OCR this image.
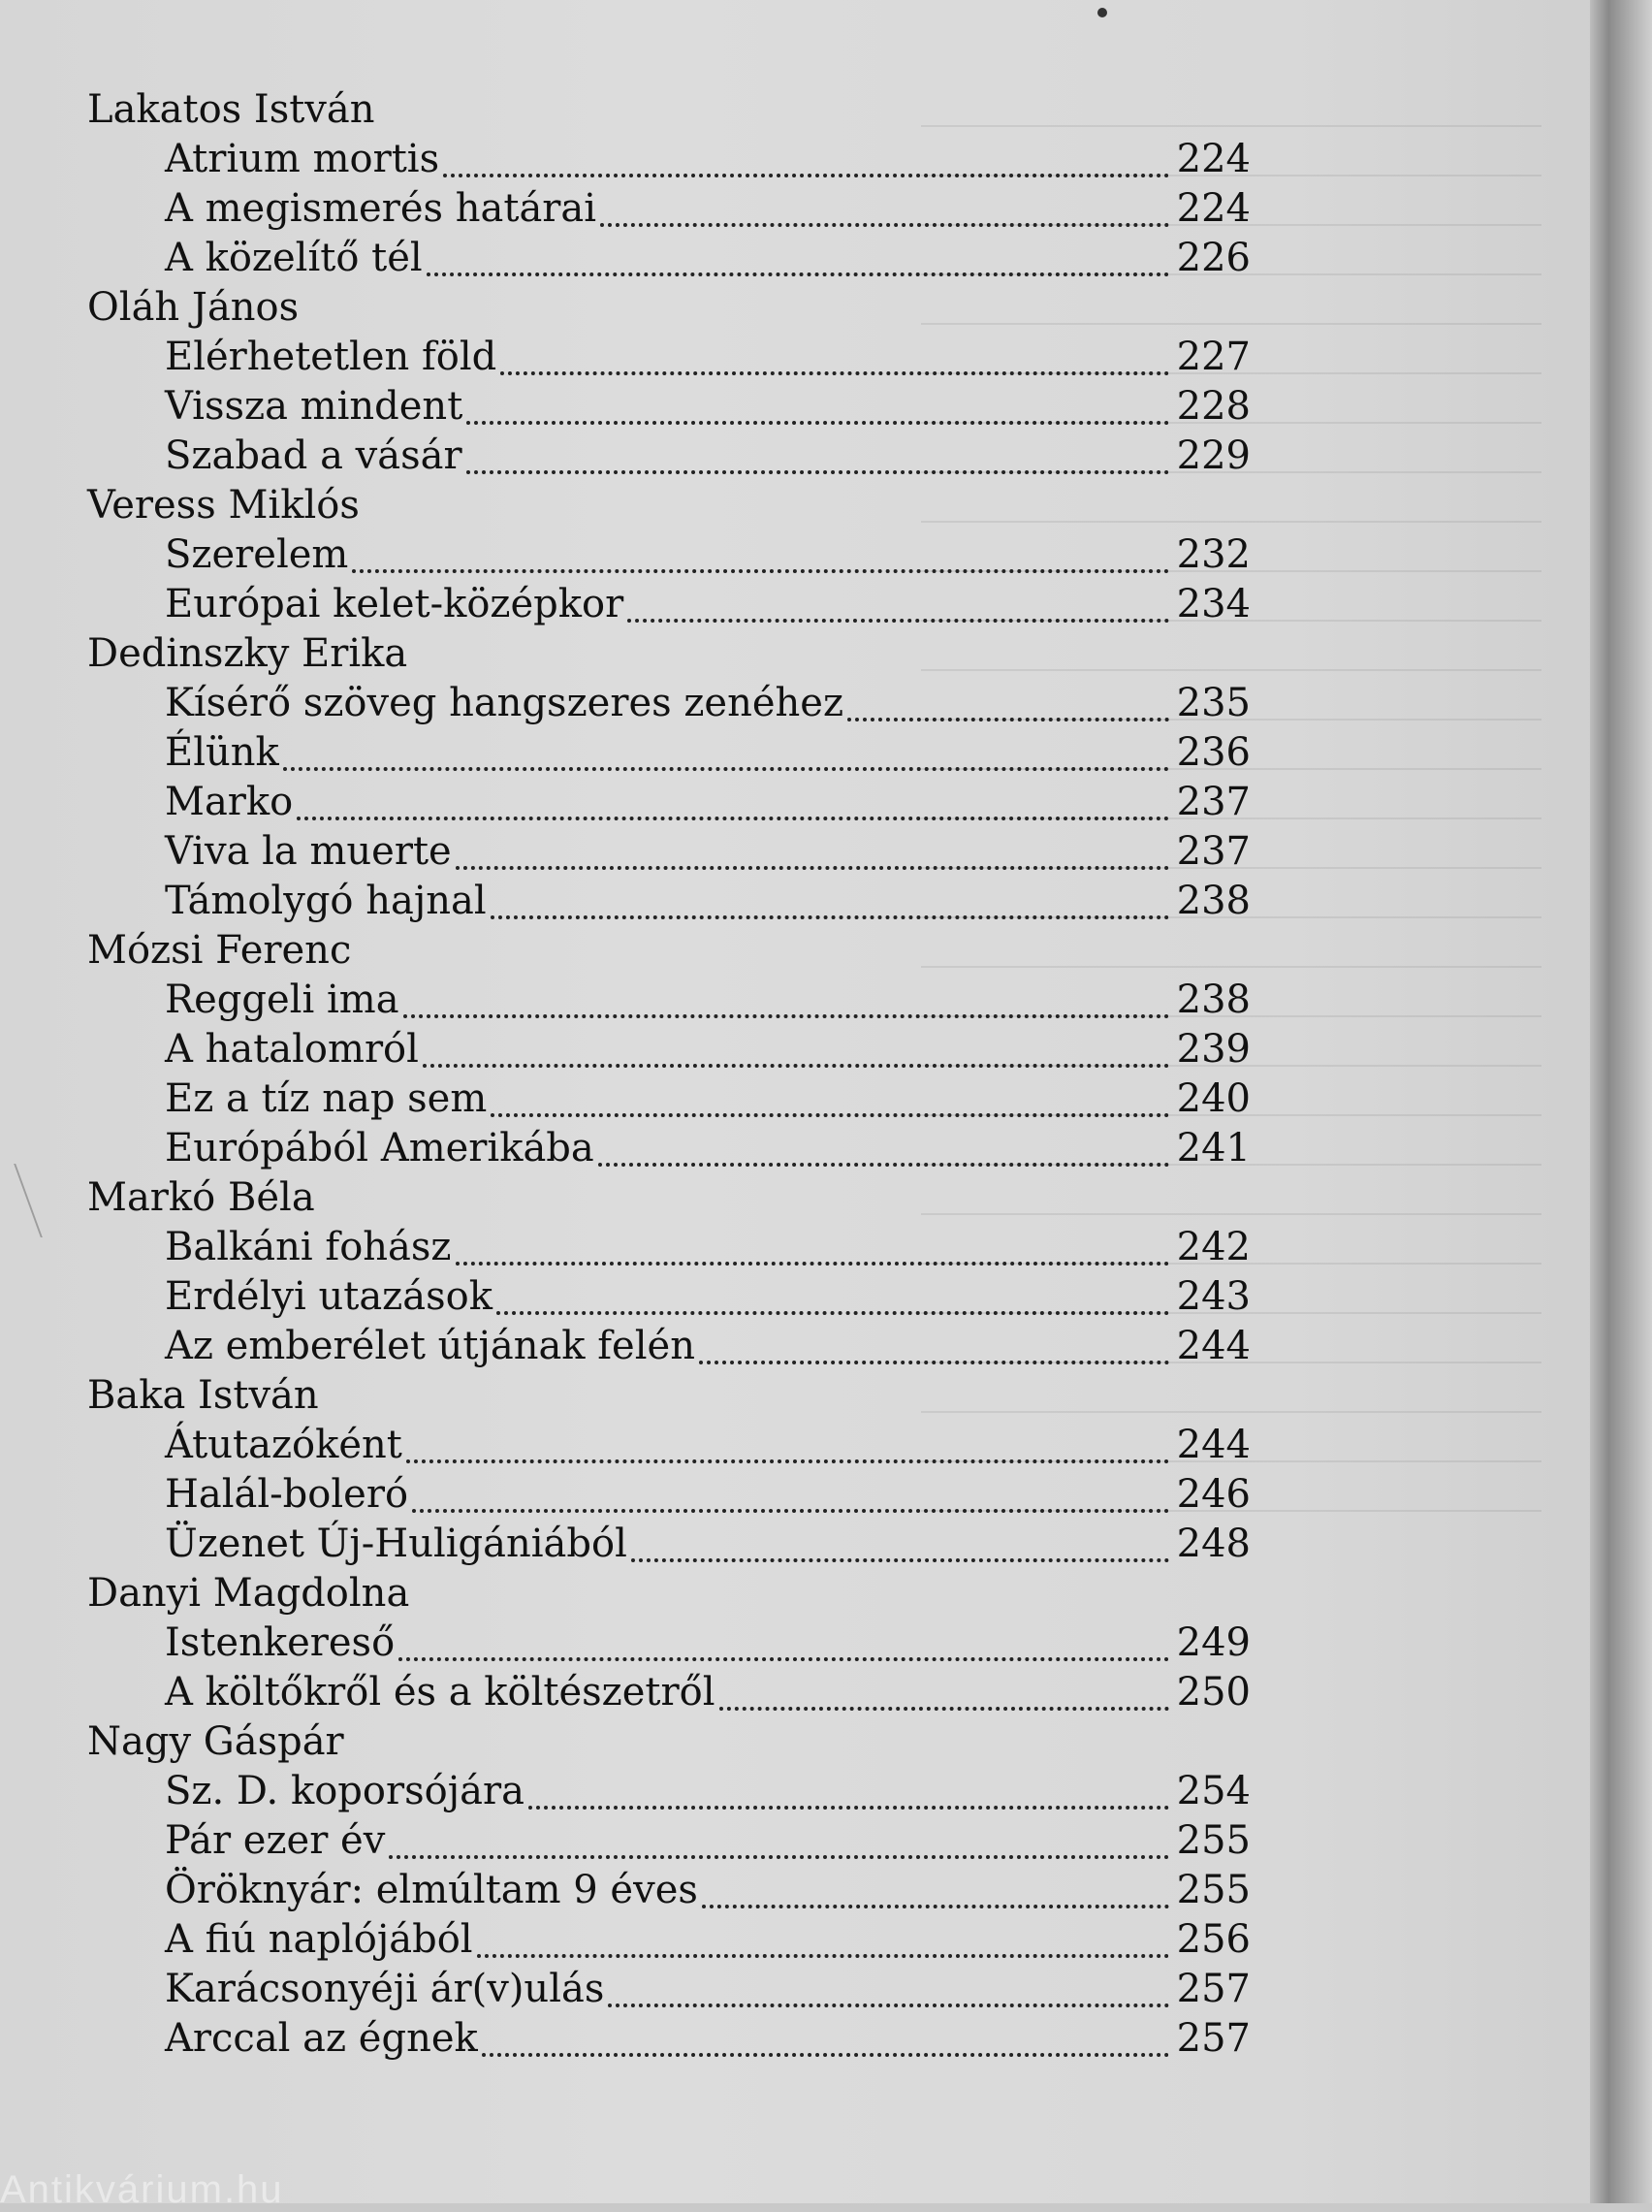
Lakatos István
Atrium mortis	224
A megismerés határai	224
A közelítő tél	226
Oláh János
Elérhetetlen föld	227
Vissza mindent	228
Szabad a vásár	229
Veress Miklós
Szerelem	232
Európai kelet-középkor	234
Dedinszky Erika
Kísérő szöveg hangszeres zenéhez	235
Élünk	236
Marko	237
Viva la muerte	237
Támolygó hajnal	238
Mózsi Ferenc
Reggeli ima	238
A hatalomról	239
Ez a tíz nap sem	240
Európából Amerikába	241
Markó Béla
Balkáni fohász	242
Erdélyi utazások	243
Az emberélet útjának felén	244
Baka István
Átutazóként	244
Halál-boleró	246
Üzenet Új-Huligániából	248
Danyi Magdolna
Istenkereső	249
A költőkről és a költészetről	250
Nagy Gáspár
Sz. D. koporsójára	254
Pár ezer év	255
Öröknyár: elmúltam 9 éves	255
A fiú naplójából	256
Karácsonyéji ár(v)ulás	257
Arccal az égnek	257
Antikvárium.hu
